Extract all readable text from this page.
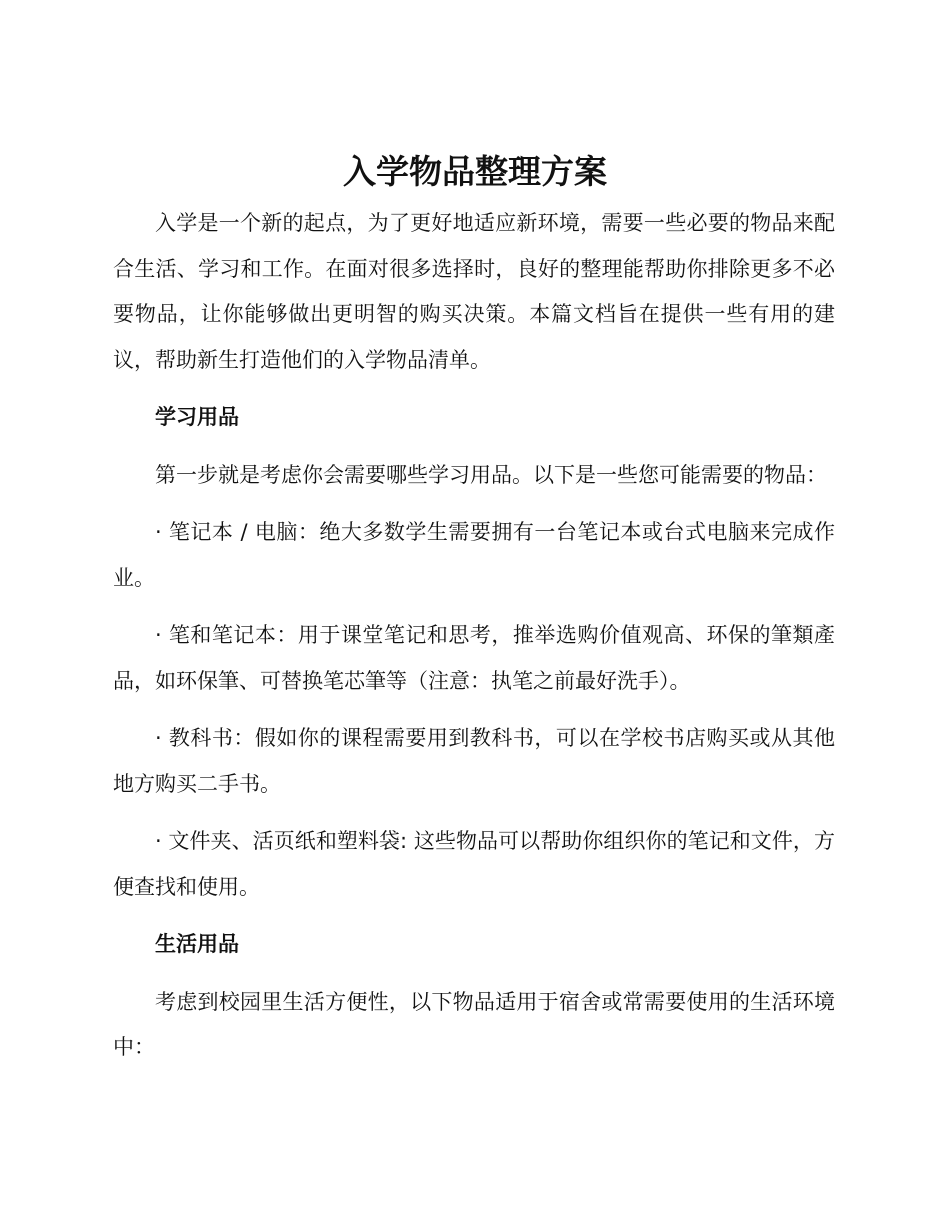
入学物品整理方案

入学是一个新的起点，为了更好地适应新环境，需要一些必要的物品来配合生活、学习和工作。在面对很多选择时，良好的整理能帮助你排除更多不必要物品，让你能够做出更明智的购买决策。本篇文档旨在提供一些有用的建议，帮助新生打造他们的入学物品清单。

学习用品

第一步就是考虑你会需要哪些学习用品。以下是一些您可能需要的物品：

· 笔记本 / 电脑：绝大多数学生需要拥有一台笔记本或台式电脑来完成作业。

· 笔和笔记本：用于课堂笔记和思考，推举选购价值观高、环保的筆類產品，如环保筆、可替换笔芯筆等（注意：执笔之前最好洗手）。

· 教科书：假如你的课程需要用到教科书，可以在学校书店购买或从其他地方购买二手书。

· 文件夹、活页纸和塑料袋: 这些物品可以帮助你组织你的笔记和文件，方便查找和使用。

生活用品

考虑到校园里生活方便性，以下物品适用于宿舍或常需要使用的生活环境中：
